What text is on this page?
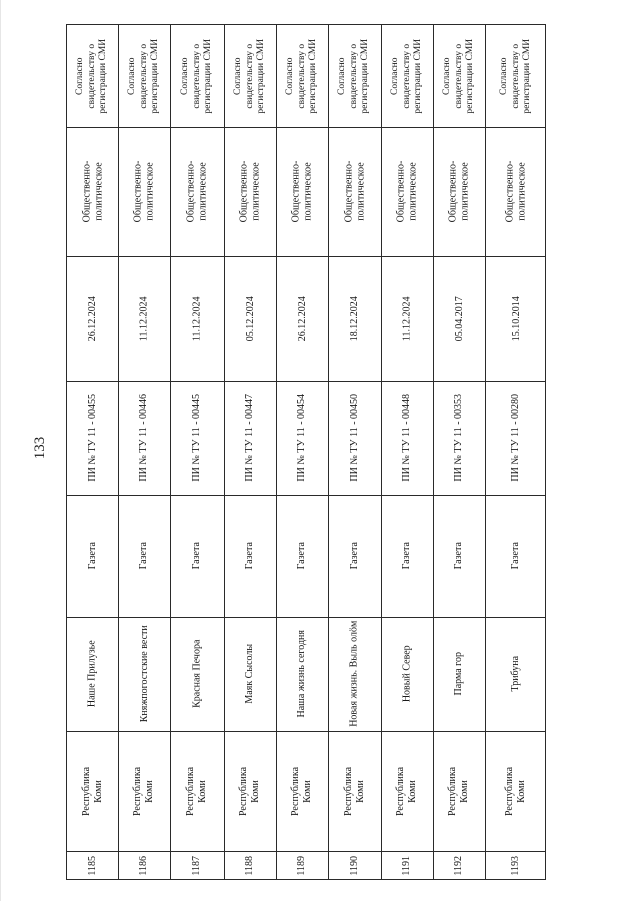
133
Согласно свидетельству о регистрации СМИ
Общественно- политическое
26.12.2024
ПИ № ТУ 11 - 00455
Газета
Наше Прилузье
Республика Коми
1185
Согласно свидетельству о регистрации СМИ
Общественно- политическое
11.12.2024
ПИ № ТУ 11 - 00446
Газета
Княжпогостские вести
Республика Коми
1186
Согласно свидетельству о регистрации СМИ
Общественно- политическое
11.12.2024
ПИ № ТУ 11 - 00445
Газета
Красная Печора
Республика Коми
1187
Согласно свидетельству о регистрации СМИ
Общественно- политическое
05.12.2024
ПИ № ТУ 11 - 00447
Газета
Маяк Сысолы
Республика Коми
1188
Согласно свидетельству о регистрации СМИ
Общественно- политическое
26.12.2024
ПИ № ТУ 11 - 00454
Газета
Наша жизнь сегодня
Республика Коми
1189
Согласно свидетельству о регистрации СМИ
Общественно- политическое
18.12.2024
ПИ № ТУ 11 - 00450
Газета
Новая жизнь. Выль олӧм
Республика Коми
1190
Согласно свидетельству о регистрации СМИ
Общественно- политическое
11.12.2024
ПИ № ТУ 11 - 00448
Газета
Новый Север
Республика Коми
1191
Согласно свидетельству о регистрации СМИ
Общественно- политическое
05.04.2017
ПИ № ТУ 11 - 00353
Газета
Парма гор
Республика Коми
1192
Согласно свидетельству о регистрации СМИ
Общественно- политическое
15.10.2014
ПИ № ТУ 11 - 00280
Газета
Трибуна
Республика Коми
1193
